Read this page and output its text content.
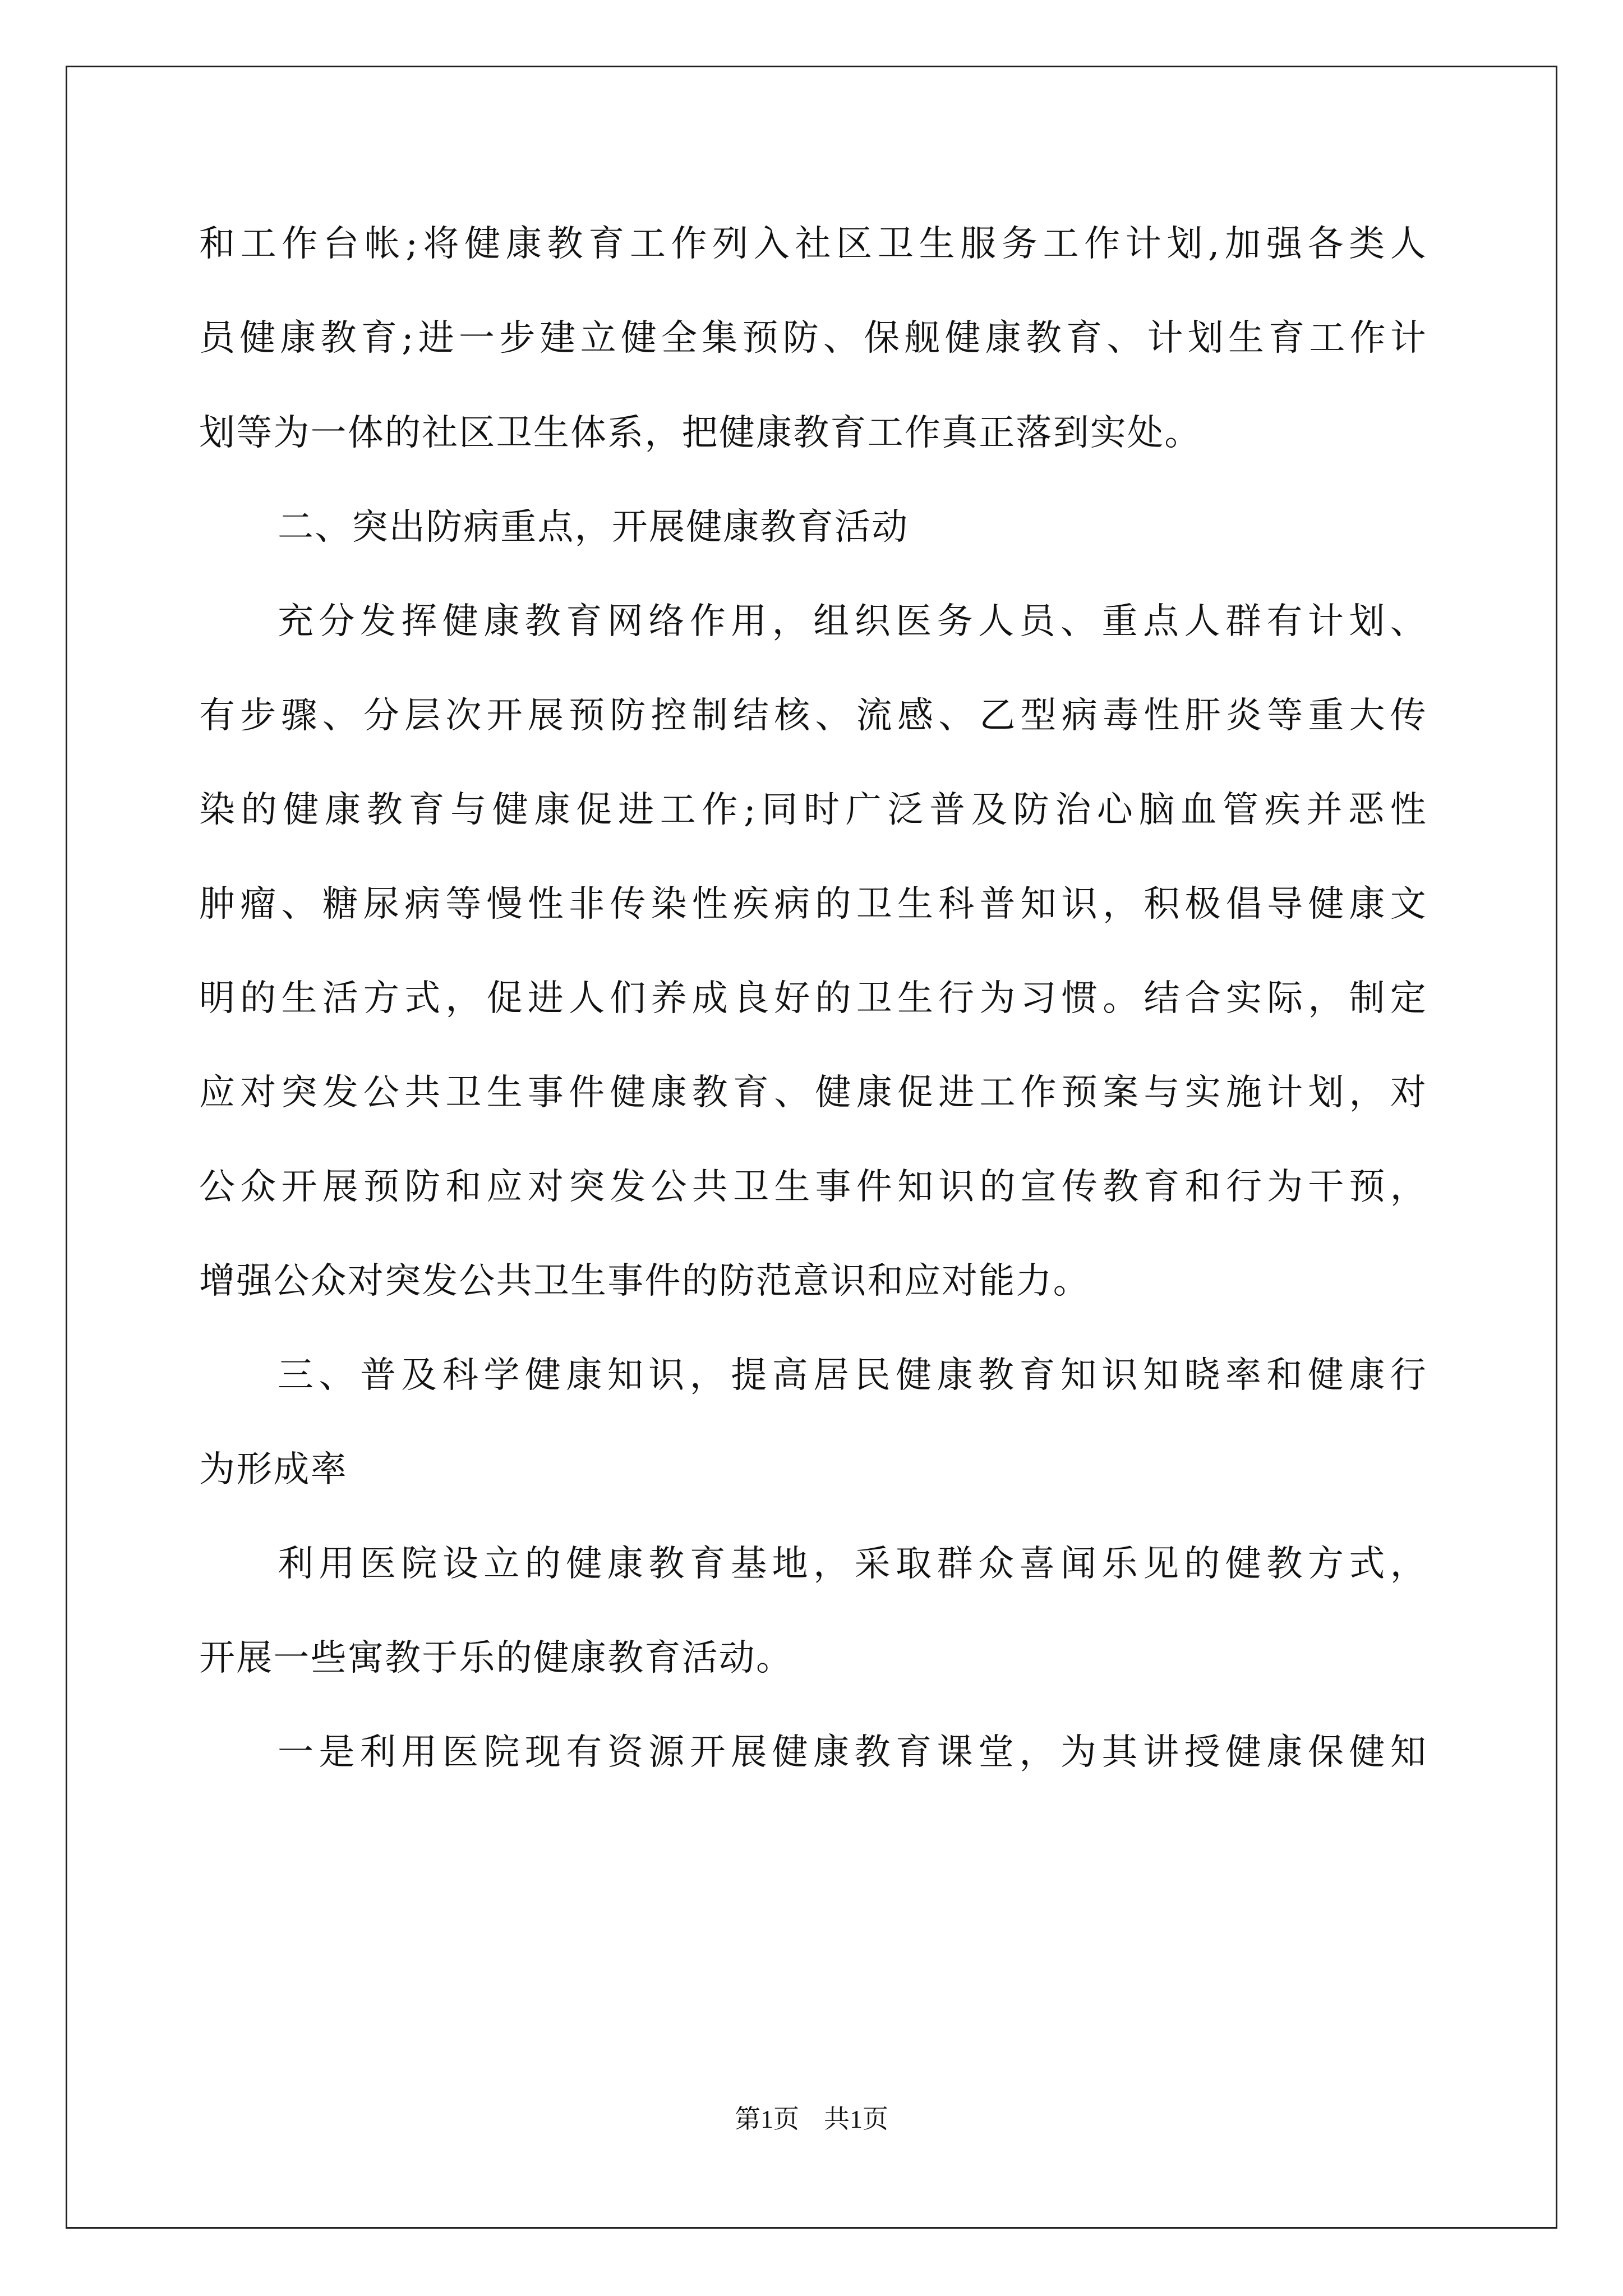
和工作台帐;将健康教育工作列入社区卫生服务工作计划,加强各类人
员健康教育;进一步建立健全集预防、保舰健康教育、计划生育工作计
划等为一体的社区卫生体系，把健康教育工作真正落到实处。
二、突出防病重点，开展健康教育活动
充分发挥健康教育网络作用，组织医务人员、重点人群有计划、
有步骤、分层次开展预防控制结核、流感、乙型病毒性肝炎等重大传
染的健康教育与健康促进工作;同时广泛普及防治心脑血管疾并恶性
肿瘤、糖尿病等慢性非传染性疾病的卫生科普知识，积极倡导健康文
明的生活方式，促进人们养成良好的卫生行为习惯。结合实际，制定
应对突发公共卫生事件健康教育、健康促进工作预案与实施计划，对
公众开展预防和应对突发公共卫生事件知识的宣传教育和行为干预，
增强公众对突发公共卫生事件的防范意识和应对能力。
三、普及科学健康知识，提高居民健康教育知识知晓率和健康行
为形成率
利用医院设立的健康教育基地，采取群众喜闻乐见的健教方式，
开展一些寓教于乐的健康教育活动。
一是利用医院现有资源开展健康教育课堂，为其讲授健康保健知
第1页 共1页
